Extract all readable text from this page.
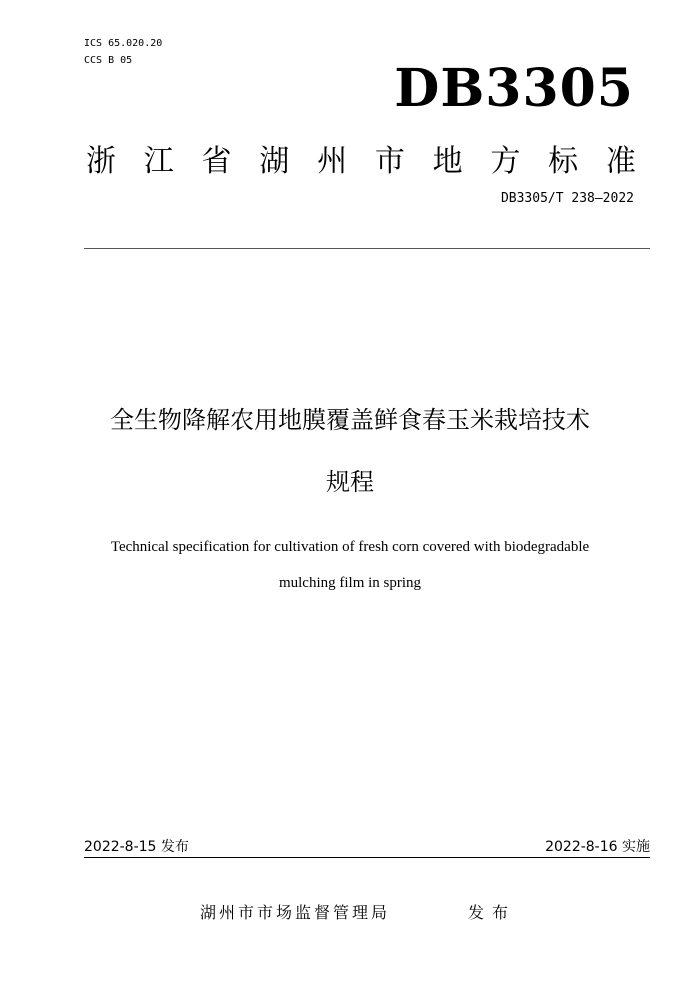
ICS 65.020.20
CCS B 05	DB3305
浙 江 省 湖 州 市 地 方 标 准
DB3305/T 238—2022
全生物降解农用地膜覆盖鲜食春玉米栽培技术
规程
Technical specification for cultivation of fresh corn covered with biodegradable
mulching film in spring
2022-8-15 发布	2022-8-16 实施
湖州市市场监督管理局	发布
